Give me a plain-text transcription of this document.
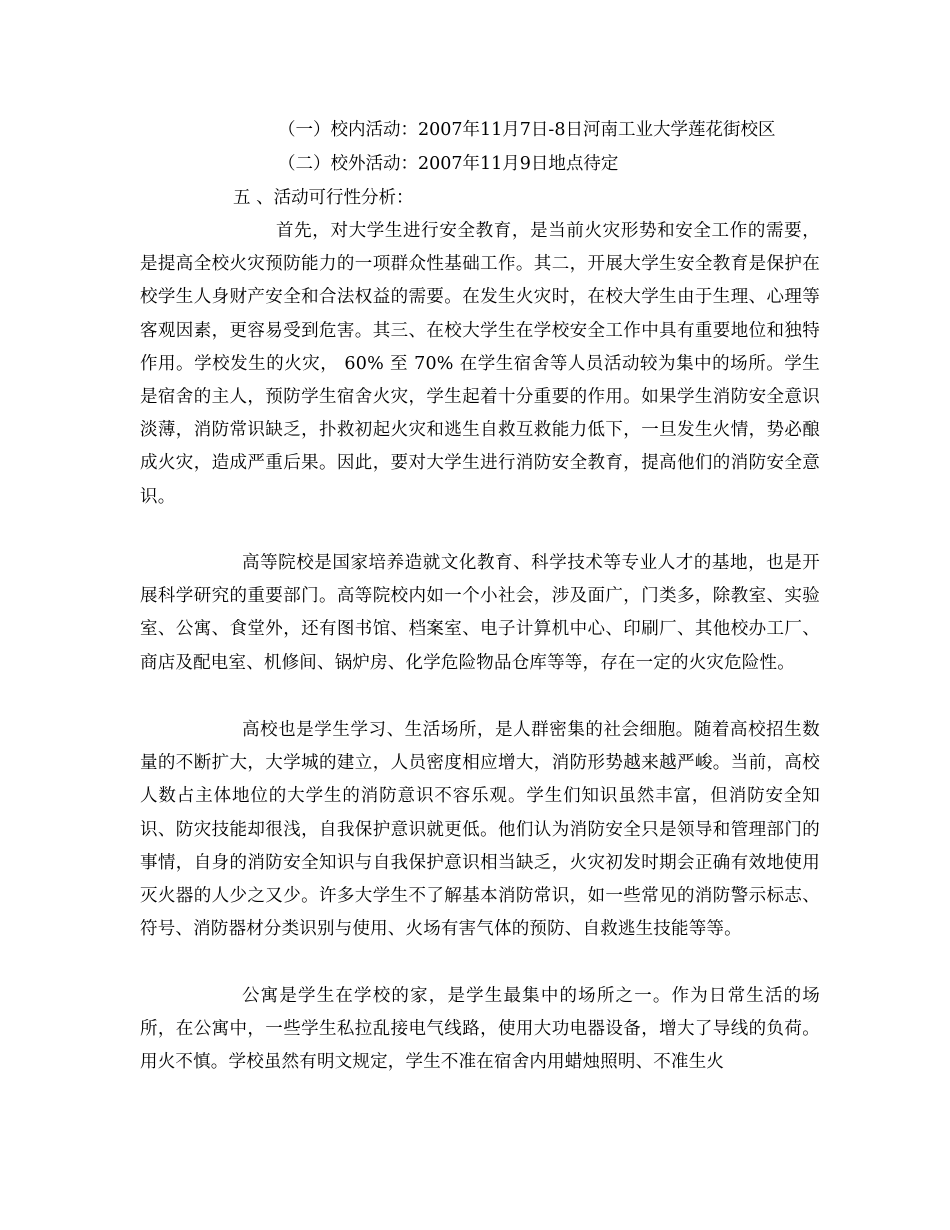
（一）校内活动：2007年11月7日-8日河南工业大学莲花街校区
（二）校外活动：2007年11月9日地点待定
五 、活动可行性分析：

首先，对大学生进行安全教育，是当前火灾形势和安全工作的需要，是提高全校火灾预防能力的一项群众性基础工作。其二，开展大学生安全教育是保护在校学生人身财产安全和合法权益的需要。在发生火灾时，在校大学生由于生理、心理等客观因素，更容易受到危害。其三、在校大学生在学校安全工作中具有重要地位和独特作用。学校发生的火灾， 60% 至 70% 在学生宿舍等人员活动较为集中的场所。学生是宿舍的主人，预防学生宿舍火灾，学生起着十分重要的作用。如果学生消防安全意识淡薄，消防常识缺乏，扑救初起火灾和逃生自救互救能力低下，一旦发生火情，势必酿成火灾，造成严重后果。因此，要对大学生进行消防安全教育，提高他们的消防安全意识。

高等院校是国家培养造就文化教育、科学技术等专业人才的基地，也是开展科学研究的重要部门。高等院校内如一个小社会，涉及面广，门类多，除教室、实验室、公寓、食堂外，还有图书馆、档案室、电子计算机中心、印刷厂、其他校办工厂、商店及配电室、机修间、锅炉房、化学危险物品仓库等等，存在一定的火灾危险性。

高校也是学生学习、生活场所，是人群密集的社会细胞。随着高校招生数量的不断扩大，大学城的建立，人员密度相应增大，消防形势越来越严峻。当前，高校人数占主体地位的大学生的消防意识不容乐观。学生们知识虽然丰富，但消防安全知识、防灾技能却很浅，自我保护意识就更低。他们认为消防安全只是领导和管理部门的事情，自身的消防安全知识与自我保护意识相当缺乏，火灾初发时期会正确有效地使用灭火器的人少之又少。许多大学生不了解基本消防常识，如一些常见的消防警示标志、符号、消防器材分类识别与使用、火场有害气体的预防、自救逃生技能等等。

公寓是学生在学校的家，是学生最集中的场所之一。作为日常生活的场所，在公寓中，一些学生私拉乱接电气线路，使用大功电器设备，增大了导线的负荷。用火不慎。学校虽然有明文规定，学生不准在宿舍内用蜡烛照明、不准生火
